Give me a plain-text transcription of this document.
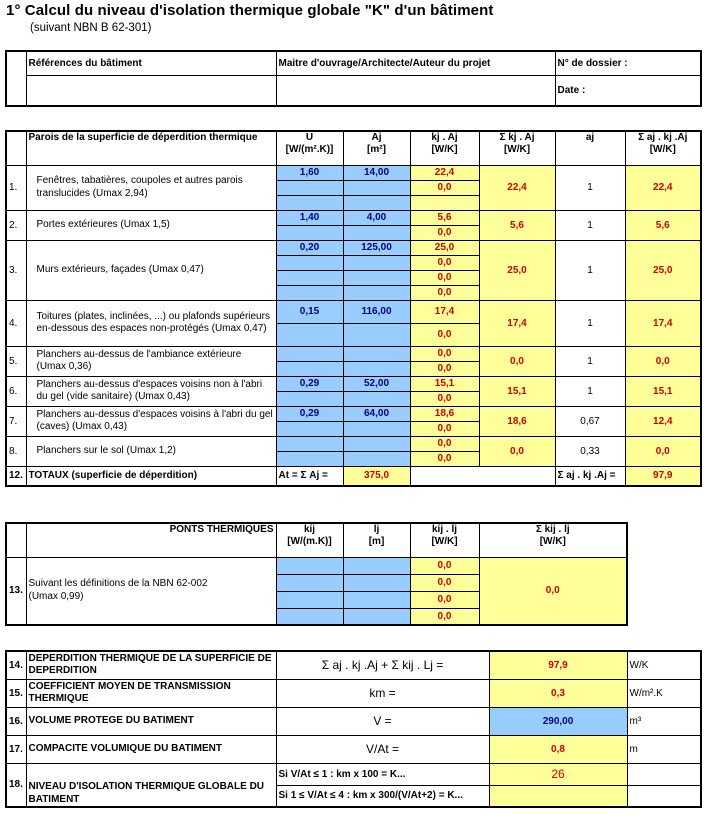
1° Calcul du niveau d'isolation thermique globale "K" d'un bâtiment
(suivant NBN B 62-301)
	Références du bâtiment	Maitre d'ouvrage/Architecte/Auteur du projet	N° de dossier :
			Date :
	Parois de la superficie de déperdition thermique	U
[W/(m².K)]	Aj
[m²]	kj . Aj
[W/K]	Σ kj . Aj
[W/K]	aj	Σ aj . kj .Aj
[W/K]
1.	Fenêtres, tabatières, coupoles et autres parois translucides (Umax 2,94)	1,60	14,00	22,4	22,4	1	22,4
				0,0			

2.	Portes extérieures (Umax 1,5)	1,40	4,00	5,6	5,6	1	5,6
				0,0			
3.	Murs extérieurs, façades (Umax 0,47)	0,20	125,00	25,0	25,0	1	25,0
				0,0			
				0,0			
				0,0			
4.	Toitures (plates, inclinées, ...) ou plafonds supérieurs en-dessous des espaces non-protégés (Umax 0,47)	0,15	116,00	17,4	17,4	1	17,4
				0,0			
5.	Planchers au-dessus de l'ambiance extérieure (Umax 0,36)			0,0	0,0	1	0,0
				0,0			
6.	Planchers au-dessus d'espaces voisins non à l'abri du gel (vide sanitaire) (Umax 0,43)	0,29	52,00	15,1	15,1	1	15,1
				0,0			
7.	Planchers au-dessus d'espaces voisins à l'abri du gel (caves) (Umax 0,43)	0,29	64,00	18,6	18,6	0,67	12,4
				0,0			
8.	Planchers sur le sol (Umax 1,2)			0,0	0,0	0,33	0,0
				0,0			
12.	TOTAUX (superficie de déperdition)	At = Σ Aj =	375,0			Σ aj . kj .Aj =	97,9
	PONTS THERMIQUES	kij
[W/(m.K)]	lj
[m]	kij . lj
[W/K]	Σ kij . lj
[W/K]
13.	Suivant les définitions de la NBN 62-002
(Umax 0,99)			0,0	0,0
				0,0	
				0,0	
				0,0	
14.	DEPERDITION THERMIQUE DE LA SUPERFICIE DE DEPERDITION	Σ aj . kj .Aj + Σ kij . Lj =	97,9	W/K
15.	COEFFICIENT MOYEN DE TRANSMISSION THERMIQUE	km =	0,3	W/m².K
16.	VOLUME PROTEGE DU BATIMENT	V =	290,00	m³
17.	COMPACITE VOLUMIQUE DU BATIMENT	V/At =	0,8	m
18.	NIVEAU D'ISOLATION THERMIQUE GLOBALE DU BATIMENT	Si V/At ≤ 1 : km x 100 = K...	26	
		Si 1 ≤ V/At ≤ 4 : km x 300/(V/At+2) = K...		
